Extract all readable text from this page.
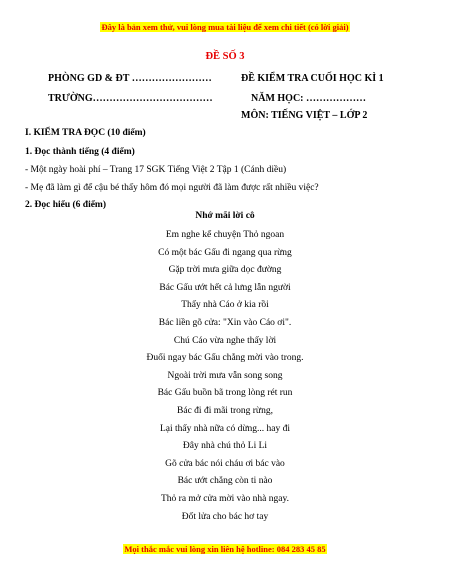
Đây là bản xem thử, vui lòng mua tài liệu để xem chi tiết (có lời giải)
ĐỀ SỐ 3
PHÒNG GD & ĐT ……………………	ĐỀ KIỂM TRA CUỐI HỌC KÌ 1
TRƯỜNG………………………………	NĂM HỌC: ………………
MÔN: TIẾNG VIỆT – LỚP 2
I. KIỂM TRA ĐỌC (10 điểm)
1. Đọc thành tiếng (4 điểm)
- Một ngày hoài phí – Trang 17 SGK Tiếng Việt 2 Tập 1 (Cánh diều)
- Mẹ đã làm gì để cậu bé thấy hôm đó mọi người đã làm được rất nhiều việc?
2. Đọc hiểu (6 điểm)
Nhớ mãi lời cô
Em nghe kể chuyện Thỏ ngoan
Có một bác Gấu đi ngang qua rừng
Gặp trời mưa giữa dọc đường
Bác Gấu ướt hết cả lưng lẫn người
Thấy nhà Cáo ở kia rồi
Bác liền gõ cửa: "Xin vào Cáo ơi".
Chú Cáo vừa nghe thấy lời
Đuổi ngay bác Gấu chẳng mời vào trong.
Ngoài trời mưa vẫn song song
Bác Gấu buồn bã trong lòng rét run
Bác đi đi mãi trong rừng,
Lại thấy nhà nữa có dừng... hay đi
Đây nhà chú thỏ Li Li
Gõ cửa bác nói cháu ơi bác vào
Bác ướt chẳng còn ti nào
Thỏ ra mở cửa mời vào nhà ngay.
Đốt lửa cho bác hơ tay
Mọi thắc mắc vui lòng xin liên hệ hotline: 084 283 45 85
